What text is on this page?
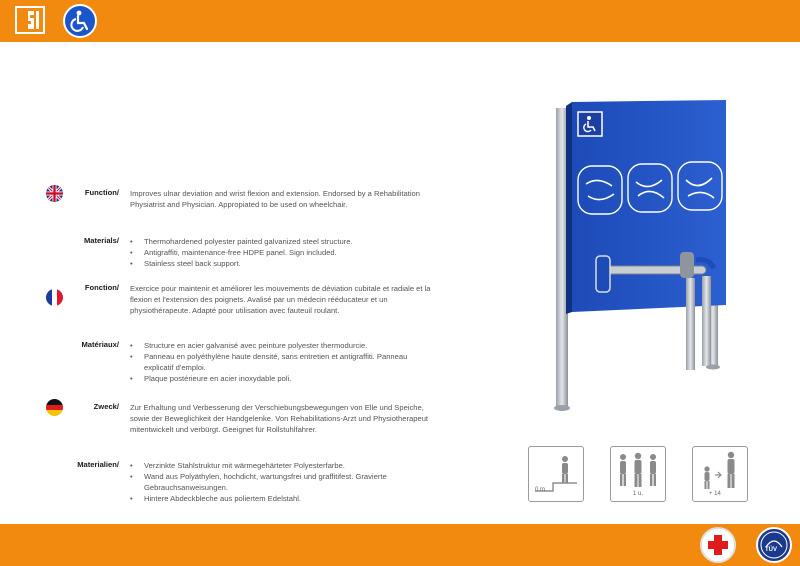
Function/ Improves ulnar deviation and wrist flexion and extension. Endorsed by a Rehabilitation Physiatrist and Physician. Appropiated to be used on wheelchair.
Materials/	• Thermohardened polyester painted galvanized steel structure.
• Antigraffiti, maintenance-free HDPE panel. Sign included.
• Stainless steel back support.
Fonction/ Exercice pour maintenir et améliorer les mouvements de déviation cubitale et radiale et la flexion et l'extension des poignets. Avalisé par un médecin rééducateur et un physiothérapeute. Adapté pour utilisation avec fauteuil roulant.
Matériaux/	• Structure en acier galvanisé avec peinture polyester thermodurcie.
• Panneau en polyéthylène haute densité, sans entretien et antigraffiti. Panneau explicatif d'emploi.
• Plaque postérieure en acier inoxydable poli.
Zweck/ Zur Erhaltung und Verbesserung der Verschiebungsbewegungen von Elle und Speiche, sowie der Beweglichkeit der Handgelenke. Von Rehabilitations-Arzt und Physiotherapeut mitentwickelt und verbürgt. Geeignet für Rollstuhlfahrer.
Materialien/	• Verzinkte Stahlstruktur mit wärmegehärteter Polyesterfarbe.
• Wand aus Polyäthylen, hochdicht, wartungsfrei und graffitifest. Gravierte Gebrauchsanweisungen.
• Hintere Abdeckbleche aus poliertem Edelstahl.
0 m
1 u.	+ 14
TÜV
